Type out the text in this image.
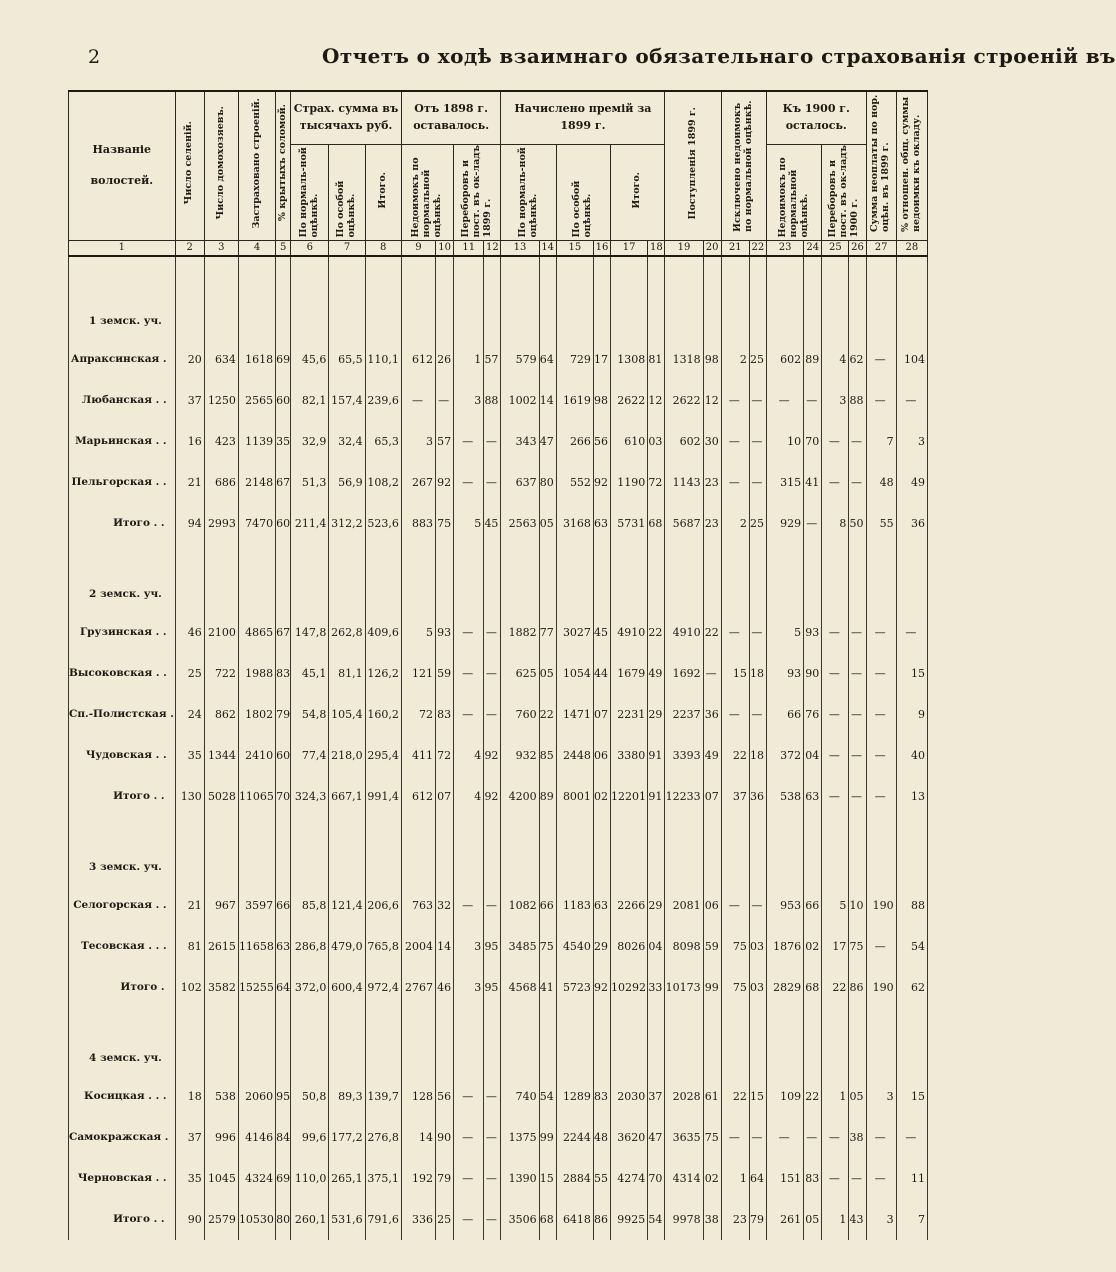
2	Отчетъ о ходѣ взаимнаго обязательнаго страхованія строеній въ
Названіе волостей.	Число селеній.	Число домохозяевъ.	Застраховано строеній.	% крытыхъ соломой.	Страх. сумма въ тысячахъ руб.			Отъ 1898 г. оставалось.				Начислено премій за 1899 г.						Поступленія 1899 г.		Исключено недоимокъ по нормальной оцѣнкѣ.		Къ 1900 г. осталось.				Сумма неоплаты по нор. оцѣн. въ 1899 г.	% отношен. общ. суммы недоимки къ окладу.
					По нормаль-ной оцѣнкѣ.	По особой оцѣнкѣ.	Итого.	Недоимокъ по нормальной оцѣнкѣ.		Переборовъ и пост. въ ок-ладъ 1899 г.		По нормаль-ной оцѣнкѣ.		По особой оцѣнкѣ.		Итого.						Недоимокъ по нормальной оцѣнкѣ.		Переборовъ и пост. въ ок-ладъ 1900 г.			
1	2	3	4	5	6	7	8	9	10	11	12	13	14	15	16	17	18	19	20	21	22	23	24	25	26	27	28

1 земск. уч.																											
Апраксинская .	20	634	1618	69	45,6	65,5	110,1	612	26	1	57	579	64	729	17	1308	81	1318	98	2	25	602	89	4	62	—	104
Любанская . .	37	1250	2565	60	82,1	157,4	239,6	—	—	3	88	1002	14	1619	98	2622	12	2622	12	—	—	—	—	3	88	—	—
Марьинская . .	16	423	1139	35	32,9	32,4	65,3	3	57	—	—	343	47	266	56	610	03	602	30	—	—	10	70	—	—	7	3
Пельгорская . .	21	686	2148	67	51,3	56,9	108,2	267	92	—	—	637	80	552	92	1190	72	1143	23	—	—	315	41	—	—	48	49
Итого . .	94	2993	7470	60	211,4	312,2	523,6	883	75	5	45	2563	05	3168	63	5731	68	5687	23	2	25	929	—	8	50	55	36
2 земск. уч.																											
Грузинская . .	46	2100	4865	67	147,8	262,8	409,6	5	93	—	—	1882	77	3027	45	4910	22	4910	22	—	—	5	93	—	—	—	—
Высоковская . .	25	722	1988	83	45,1	81,1	126,2	121	59	—	—	625	05	1054	44	1679	49	1692	—	15	18	93	90	—	—	—	15
Сп.-Полистская .	24	862	1802	79	54,8	105,4	160,2	72	83	—	—	760	22	1471	07	2231	29	2237	36	—	—	66	76	—	—	—	9
Чудовская . .	35	1344	2410	60	77,4	218,0	295,4	411	72	4	92	932	85	2448	06	3380	91	3393	49	22	18	372	04	—	—	—	40
Итого . .	130	5028	11065	70	324,3	667,1	991,4	612	07	4	92	4200	89	8001	02	12201	91	12233	07	37	36	538	63	—	—	—	13
3 земск. уч.																											
Селогорская . .	21	967	3597	66	85,8	121,4	206,6	763	32	—	—	1082	66	1183	63	2266	29	2081	06	—	—	953	66	5	10	190	88
Тесовская . . .	81	2615	11658	63	286,8	479,0	765,8	2004	14	3	95	3485	75	4540	29	8026	04	8098	59	75	03	1876	02	17	75	—	54
Итого .	102	3582	15255	64	372,0	600,4	972,4	2767	46	3	95	4568	41	5723	92	10292	33	10173	99	75	03	2829	68	22	86	190	62
4 земск. уч.																											
Косицкая . . .	18	538	2060	95	50,8	89,3	139,7	128	56	—	—	740	54	1289	83	2030	37	2028	61	22	15	109	22	1	05	3	15
Самокражская .	37	996	4146	84	99,6	177,2	276,8	14	90	—	—	1375	99	2244	48	3620	47	3635	75	—	—	—	—	—	38	—	—
Черновская . .	35	1045	4324	69	110,0	265,1	375,1	192	79	—	—	1390	15	2884	55	4274	70	4314	02	1	64	151	83	—	—	—	11
Итого . .	90	2579	10530	80	260,1	531,6	791,6	336	25	—	—	3506	68	6418	86	9925	54	9978	38	23	79	261	05	1	43	3	7
